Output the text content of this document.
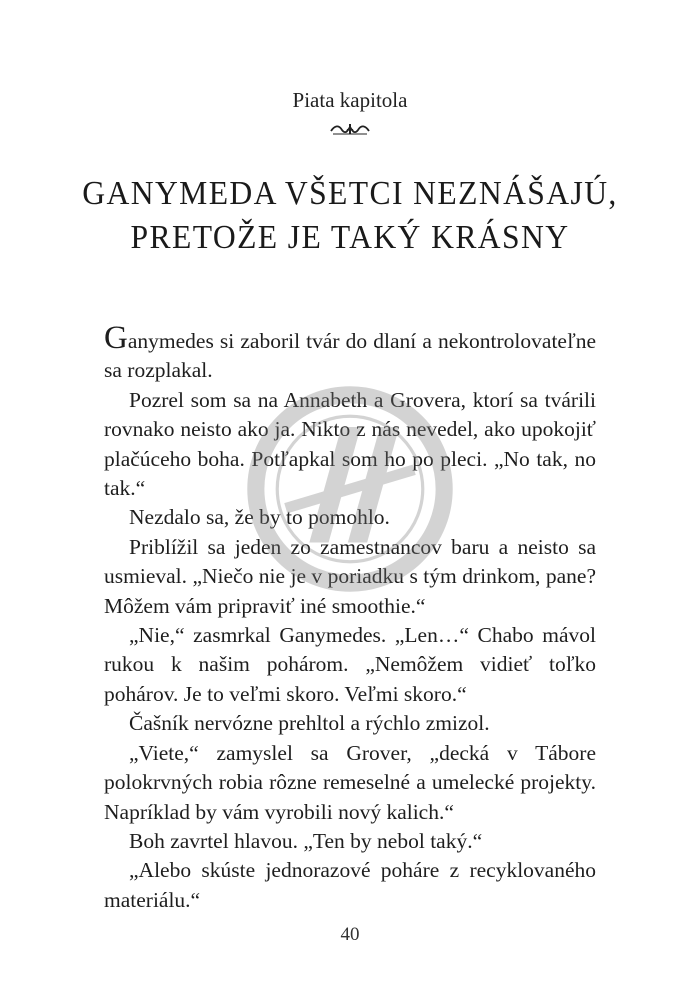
Piata kapitola
GANYMEDA VŠETCI NEZNÁŠAJÚ,
PRETOŽE JE TAKÝ KRÁSNY

Ganymedes si zaboril tvár do dlaní a nekontrolovateľne sa rozplakal.

Pozrel som sa na Annabeth a Grovera, ktorí sa tvárili rovnako neisto ako ja. Nikto z nás nevedel, ako upokojiť plačúceho boha. Potľapkal som ho po pleci. „No tak, no tak.“

Nezdalo sa, že by to pomohlo.

Priblížil sa jeden zo zamestnancov baru a neisto sa usmieval. „Niečo nie je v poriadku s tým drinkom, pane? Môžem vám pripraviť iné smoothie.“

„Nie,“ zasmrkal Ganymedes. „Len…“ Chabo mávol rukou k našim pohárom. „Nemôžem vidieť toľko pohárov. Je to veľmi skoro. Veľmi skoro.“

Čašník nervózne prehltol a rýchlo zmizol.

„Viete,“ zamyslel sa Grover, „decká v Tábore polokrvných robia rôzne remeselné a umelecké projekty. Napríklad by vám vyrobili nový kalich.“

Boh zavrtel hlavou. „Ten by nebol taký.“

„Alebo skúste jednorazové poháre z recyklovaného materiálu.“

40
